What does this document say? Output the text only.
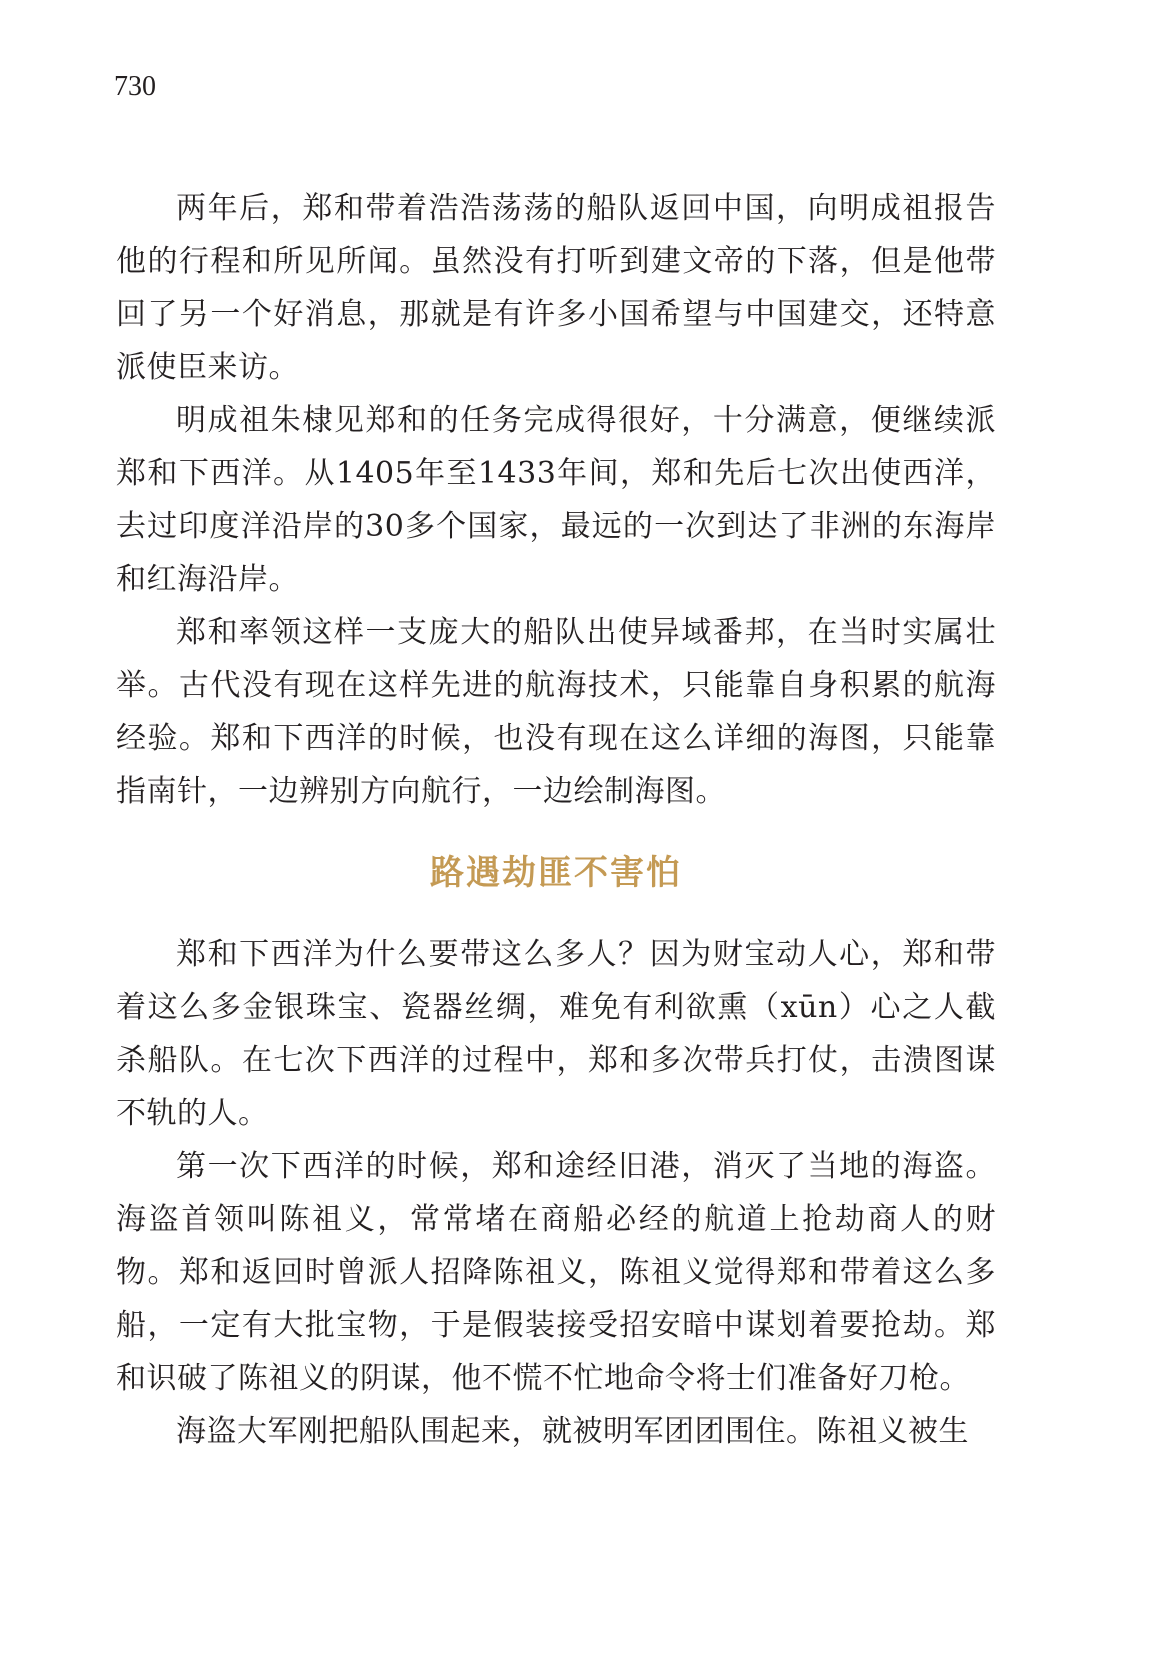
730

两年后，郑和带着浩浩荡荡的船队返回中国，向明成祖报告他的行程和所见所闻。虽然没有打听到建文帝的下落，但是他带回了另一个好消息，那就是有许多小国希望与中国建交，还特意派使臣来访。

明成祖朱棣见郑和的任务完成得很好，十分满意，便继续派郑和下西洋。从1405年至1433年间，郑和先后七次出使西洋，去过印度洋沿岸的30多个国家，最远的一次到达了非洲的东海岸和红海沿岸。

郑和率领这样一支庞大的船队出使异域番邦，在当时实属壮举。古代没有现在这样先进的航海技术，只能靠自身积累的航海经验。郑和下西洋的时候，也没有现在这么详细的海图，只能靠指南针，一边辨别方向航行，一边绘制海图。

路遇劫匪不害怕

郑和下西洋为什么要带这么多人？因为财宝动人心，郑和带着这么多金银珠宝、瓷器丝绸，难免有利欲熏（xūn）心之人截杀船队。在七次下西洋的过程中，郑和多次带兵打仗，击溃图谋不轨的人。

第一次下西洋的时候，郑和途经旧港，消灭了当地的海盗。海盗首领叫陈祖义，常常堵在商船必经的航道上抢劫商人的财物。郑和返回时曾派人招降陈祖义，陈祖义觉得郑和带着这么多船，一定有大批宝物，于是假装接受招安暗中谋划着要抢劫。郑和识破了陈祖义的阴谋，他不慌不忙地命令将士们准备好刀枪。

海盗大军刚把船队围起来，就被明军团团围住。陈祖义被生
